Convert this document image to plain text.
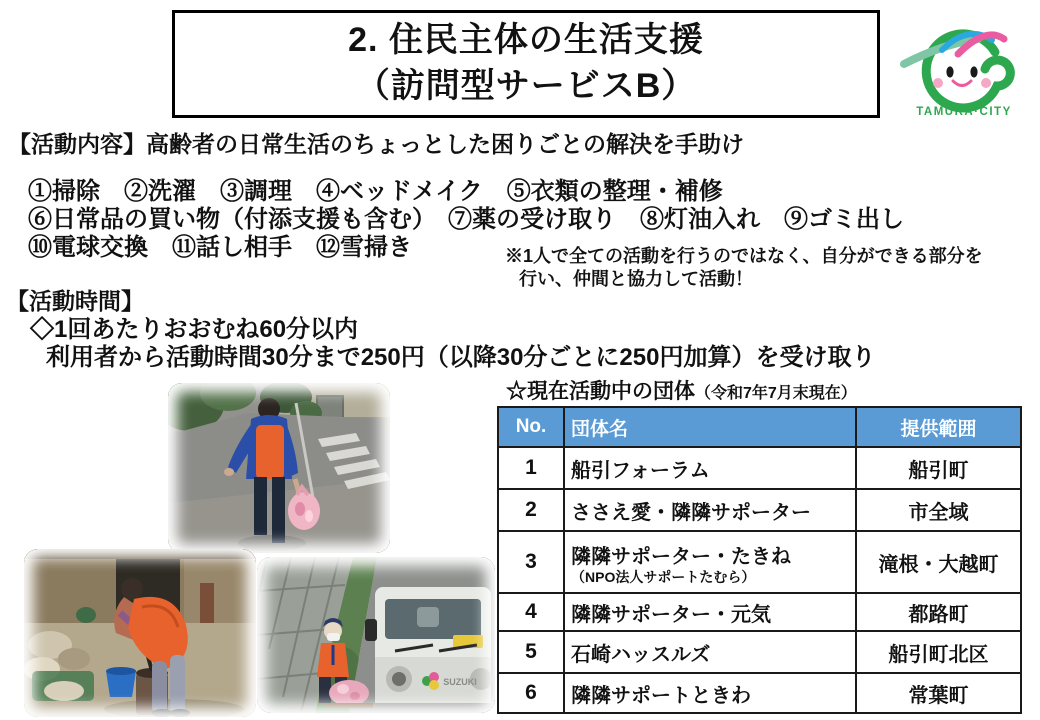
2. 住民主体の生活支援
（訪問型サービスB）
TAMURA·CITY
【活動内容】高齢者の日常生活のちょっとした困りごとの解決を手助け
①掃除　②洗濯　③調理　④ベッドメイク　⑤衣類の整理・補修
⑥日常品の買い物（付添支援も含む）　⑦薬の受け取り　⑧灯油入れ　⑨ゴミ出し
⑩電球交換　⑪話し相手　⑫雪掃き	※1人で全ての活動を行うのではなく、自分ができる部分を
行い、仲間と協力して活動！
【活動時間】
◇1回あたりおおむね60分以内
利用者から活動時間30分まで250円（以降30分ごとに250円加算）を受け取り
☆現在活動中の団体（令和7年7月末現在）
No.	団体名	提供範囲
1	船引フォーラム	船引町
2	ささえ愛・隣隣サポーター	市全域
3	隣隣サポーター・たきね
（NPO法人サポートたむら）	滝根・大越町
4	隣隣サポーター・元気	都路町
5	石崎ハッスルズ	船引町北区
6	隣隣サポートときわ	常葉町
SUZUKI
